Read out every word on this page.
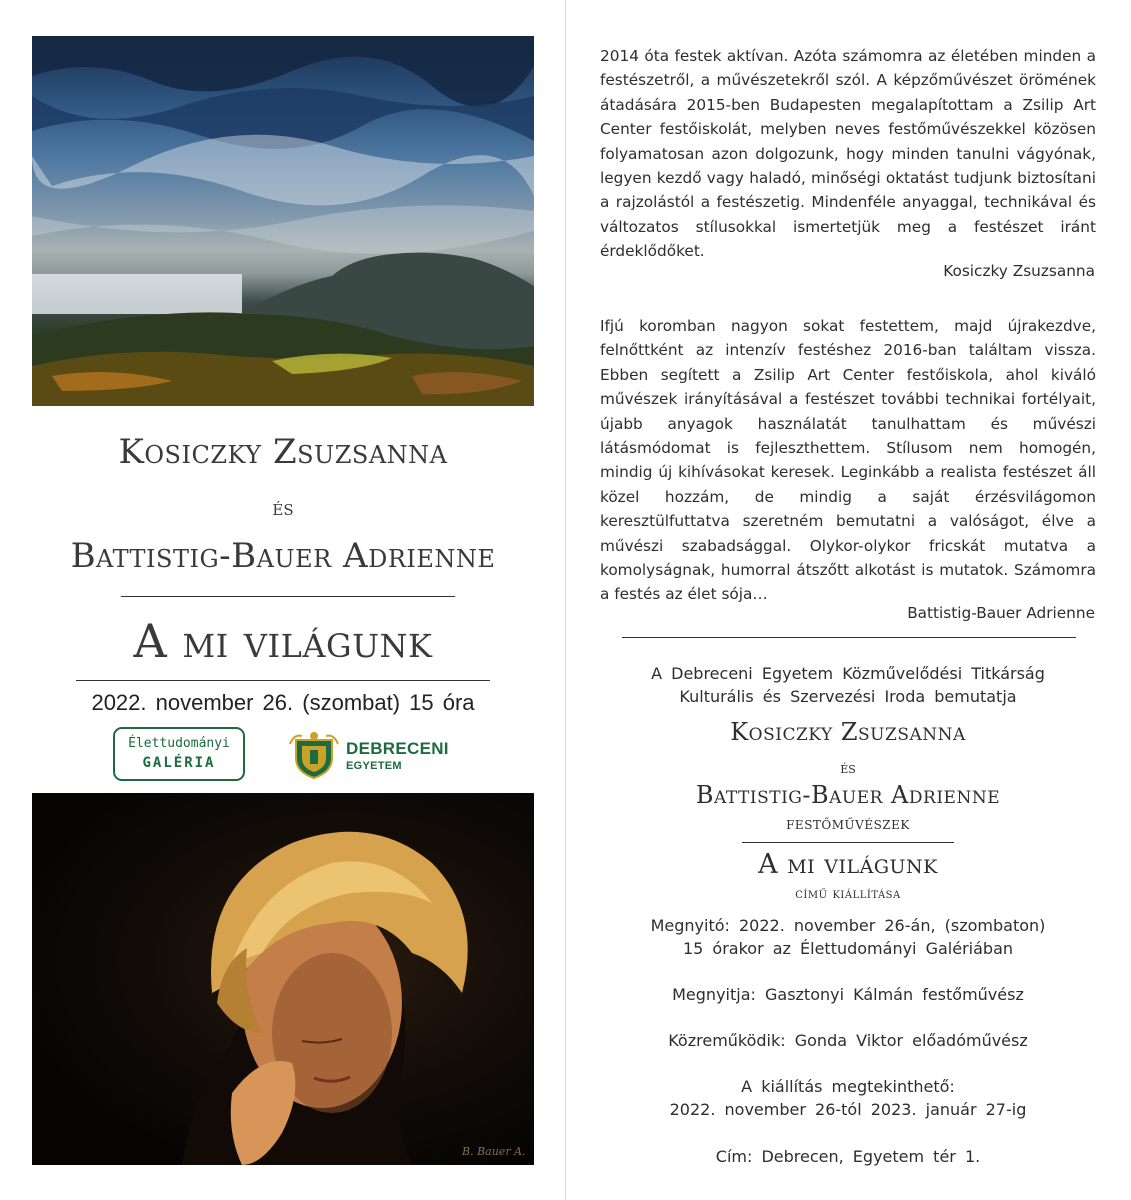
Kosiczky Zsuzsanna
és
Battistig-Bauer Adrienne
A mi világunk
2022. november 26. (szombat) 15 óra
Élettudományi
GALÉRIA
DEBRECENI
EGYETEM
B. Bauer A.
2014 óta festek aktívan. Azóta számomra az életében minden a festészetről, a művészetekről szól. A képzőművészet örömének átadására 2015-ben Budapesten megalapítottam a Zsilip Art Center festőiskolát, melyben neves festőművészekkel közösen folyamatosan azon dolgozunk, hogy minden tanulni vágyónak, legyen kezdő vagy haladó, minőségi oktatást tudjunk biztosítani a rajzolástól a festészetig. Mindenféle anyaggal, technikával és változatos stílusokkal ismertetjük meg a festészet iránt érdeklődőket.
Kosiczky Zsuzsanna
Ifjú koromban nagyon sokat festettem, majd újrakezdve, felnőttként az intenzív festéshez 2016-ban találtam vissza. Ebben segített a Zsilip Art Center festőiskola, ahol kiváló művészek irányításával a festészet további technikai fortélyait, újabb anyagok használatát tanulhattam és művészi látásmódomat is fejleszthettem. Stílusom nem homogén, mindig új kihívásokat keresek. Leginkább a realista festészet áll közel hozzám, de mindig a saját érzésvilágomon keresztülfuttatva szeretném bemutatni a valóságot, élve a művészi szabadsággal. Olykor-olykor fricskát mutatva a komolyságnak, humorral átszőtt alkotást is mutatok. Számomra a festés az élet sója…
Battistig-Bauer Adrienne
A Debreceni Egyetem Közművelődési Titkárság
Kulturális és Szervezési Iroda bemutatja
Kosiczky Zsuzsanna
és
Battistig-Bauer Adrienne
festőművészek
A mi világunk
című kiállítása
Megnyitó: 2022. november 26-án, (szombaton)
15 órakor az Élettudományi Galériában
Megnyitja: Gasztonyi Kálmán festőművész
Közreműködik: Gonda Viktor előadóművész
A kiállítás megtekinthető:
2022. november 26-tól 2023. január 27-ig
Cím: Debrecen, Egyetem tér 1.
